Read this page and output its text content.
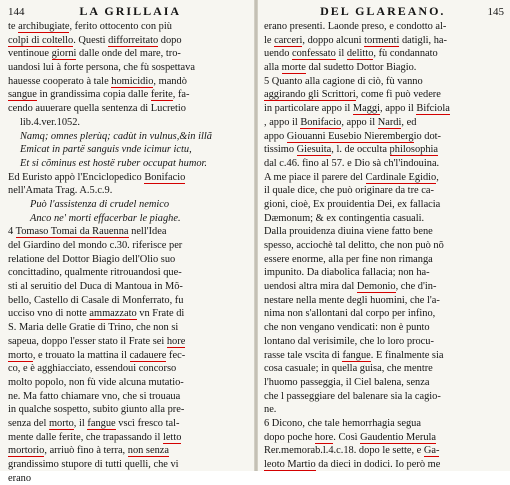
144	LA GRILLAIA
te archibugiate, ferito ottocento con più
colpi di coltello. Questi difforreitato dopo
ventinoue giorni dalle onde del mare, tro-
uandosi lui à forte persona, che fù sospettava
hauesse cooperato à tale homicidio, mandò
sangue in grandissima copia dalle ferite, fa-
cendo auuerare quella sentenza di Lucretio
lib.4.ver.1052.
Namq; omnes plerùq; cadùt in vulnus,&in illã
Emicat in partë sanguis vnde icimur ictu,
Et si cõminus est hostë ruber occupat humor.
Ed Euristo appò l'Enciclopedico Bonifacio
nell'Amata Trag. A.5.c.9.
Può l'assistenza di crudel nemico
Anco ne' morti effacerbar le piaghe.
4 Tomaso Tomai da Rauenna nell'Idea
del Giardino del mondo c.30. riferisce per
relatione del Dottor Biagio dell'Olio suo
concittadino, qualmente ritrouandosi que-
sti al seruitio del Duca di Mantoua in Mõ-
bello, Castello di Casale di Monferrato, fu
ucciso vno di notte ammazzato vn Frate di
S. Maria delle Gratie di Trino, che non si
sapeua, doppo l'esser stato il Frate sei hore
morto, e trouato la mattina il cadauere fec-
co, e è agghiacciato, essendoui concorso
molto popolo, non fù vide alcuna mutatio-
ne. Ma fatto chiamare vno, che si trouaua
in qualche sospetto, subito giunto alla pre-
senza del morto, il fangue vscì fresco tal-
mente dalle ferite, che trapassando il letto
mortorio, arriuò fino à terra, non senza
grandissimo stupore di tutti quelli, che vi
erano
DEL GLAREANO.	145
erano presenti. Laonde preso, e condotto al-
le carceri, doppo alcuni tormenti datigli, ha-
uendo confessato il delitto, fù condannato
alla morte dal sudetto Dottor Biagio.
5 Quanto alla cagione di ciò, fù vanno
aggirando gli Scrittori, come fi può vedere
in particolare appo il Maggi, appo il Bifciola
, appo il Bonifacio, appo il Nardi, ed
appo Giouanni Eusebio Nierembergio dot-
tissimo Giesuita, l. de occulta philosophia
dal c.46. fino al 57. e Dio sà ch'l'indouina.
A me piace il parere del Cardinale Egidio,
il quale dice, che può originare da tre ca-
gioni, cioè, Ex prouidentia Dei, ex fallacia
Dæmonum; & ex contingentia casuali.
Dalla prouidenza diuina viene fatto bene
spesso, acciochè tal delitto, che non può nõ
essere enorme, alla per fine non rimanga
impunito. Da diabolica fallacia; non ha-
uendosi altra mira dal Demonio, che d'in-
nestare nella mente degli huomini, che l'a-
nima non s'allontani dal corpo per infino,
che non vengano vendicati: non è punto
lontano dal verisimile, che lo loro procu-
rasse tale vscita di fangue. E finalmente sia
cosa casuale; in quella guisa, che mentre
l'huomo passeggia, il Ciel balena, senza
che l passeggiare del balenare sia la cagio-
ne.
6 Dicono, che tale hemorrhagia segua
dopo poche hore. Così Gaudentio Merula
Rer.memorab.l.4.c.18. dopo le sette, e Ga-
leoto Martio da dieci in dodici. Io però me
